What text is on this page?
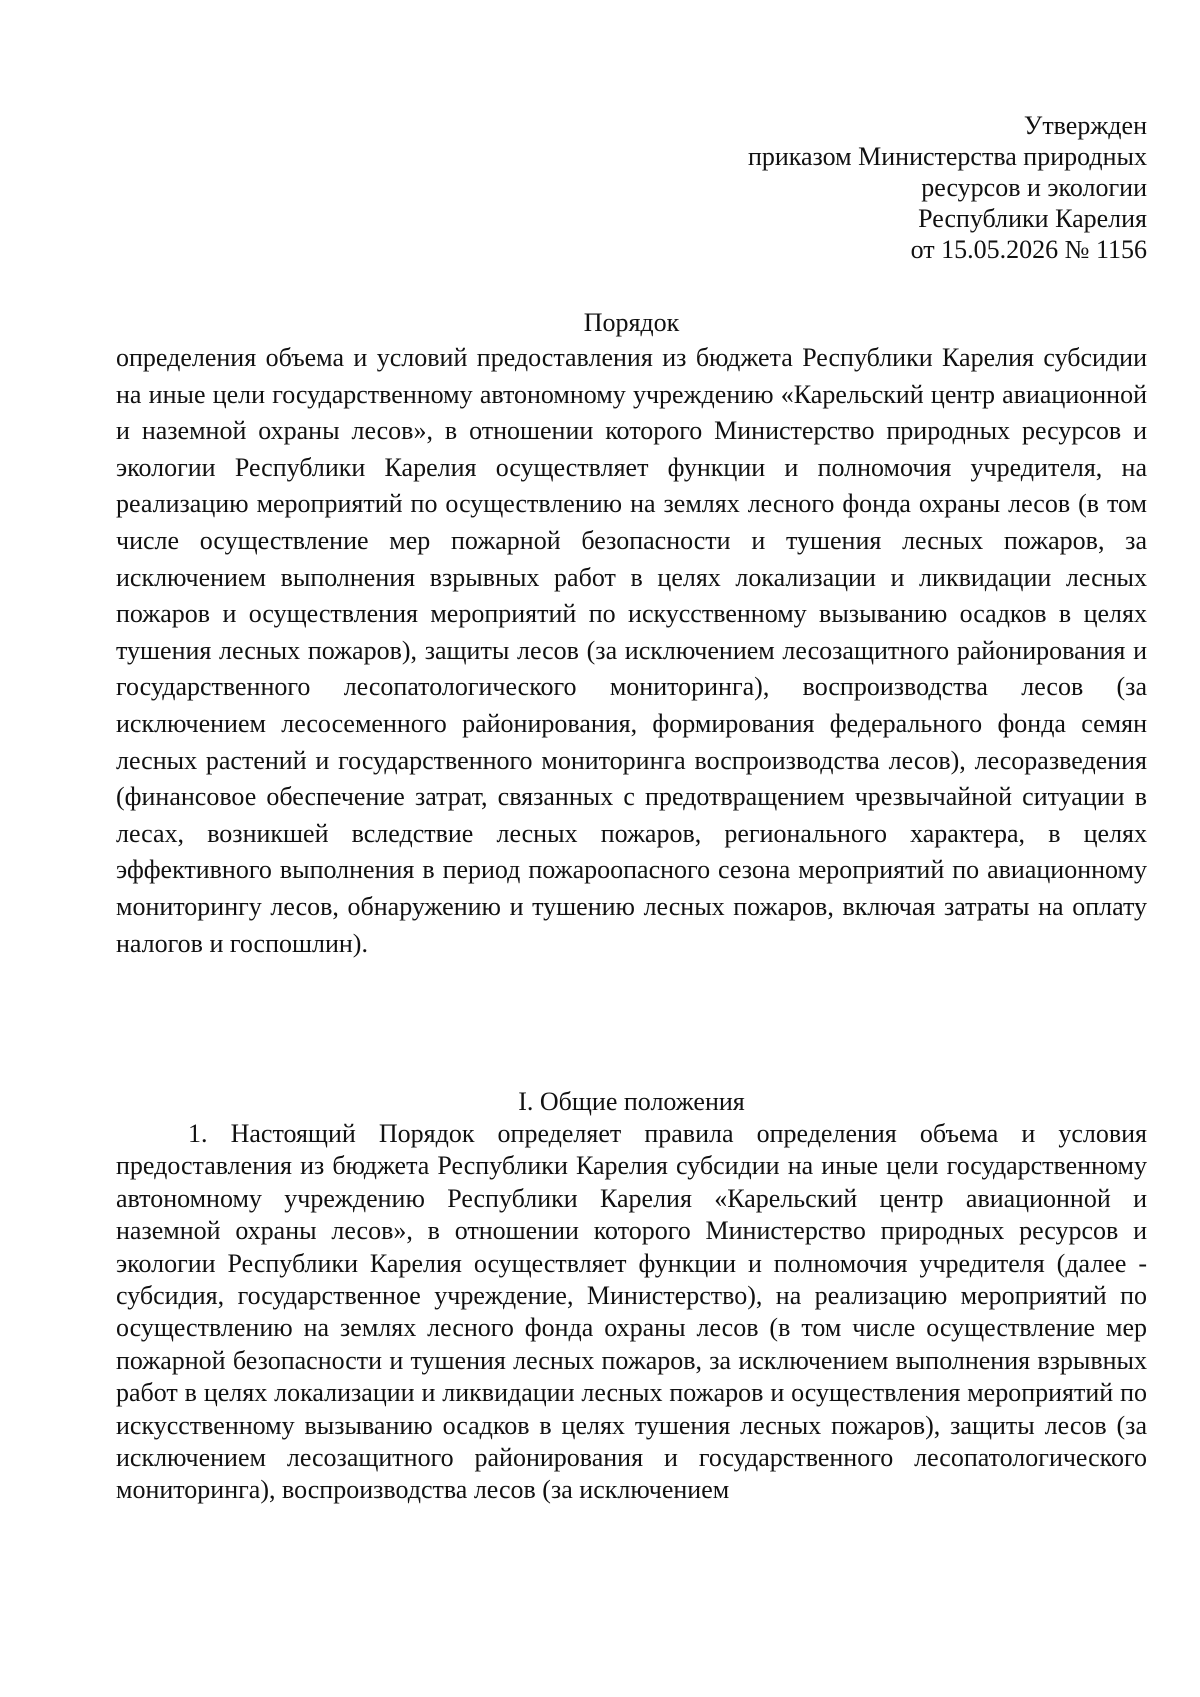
Утвержден
приказом Министерства природных
ресурсов и экологии
Республики Карелия
от 15.05.2026 № 1156
Порядок
определения объема и условий предоставления из бюджета Республики Карелия субсидии на иные цели государственному автономному учреждению «Карельский центр авиационной и наземной охраны лесов», в отношении которого Министерство природных ресурсов и экологии Республики Карелия осуществляет функции и полномочия учредителя, на реализацию мероприятий по осуществлению на землях лесного фонда охраны лесов (в том числе осуществление мер пожарной безопасности и тушения лесных пожаров, за исключением выполнения взрывных работ в целях локализации и ликвидации лесных пожаров и осуществления мероприятий по искусственному вызыванию осадков в целях тушения лесных пожаров), защиты лесов (за исключением лесозащитного районирования и государственного лесопатологического мониторинга), воспроизводства лесов (за исключением лесосеменного районирования, формирования федерального фонда семян лесных растений и государственного мониторинга воспроизводства лесов), лесоразведения (финансовое обеспечение затрат, связанных с предотвращением чрезвычайной ситуации в лесах, возникшей вследствие лесных пожаров, регионального характера, в целях эффективного выполнения в период пожароопасного сезона мероприятий по авиационному мониторингу лесов, обнаружению и тушению лесных пожаров, включая затраты на оплату налогов и госпошлин).
I. Общие положения
1. Настоящий Порядок определяет правила определения объема и условия предоставления из бюджета Республики Карелия субсидии на иные цели государственному автономному учреждению Республики Карелия «Карельский центр авиационной и наземной охраны лесов», в отношении которого Министерство природных ресурсов и экологии Республики Карелия осуществляет функции и полномочия учредителя (далее - субсидия, государственное учреждение, Министерство), на реализацию мероприятий по осуществлению на землях лесного фонда охраны лесов (в том числе осуществление мер пожарной безопасности и тушения лесных пожаров, за исключением выполнения взрывных работ в целях локализации и ликвидации лесных пожаров и осуществления мероприятий по искусственному вызыванию осадков в целях тушения лесных пожаров), защиты лесов (за исключением лесозащитного районирования и государственного лесопатологического мониторинга), воспроизводства лесов (за исключением
